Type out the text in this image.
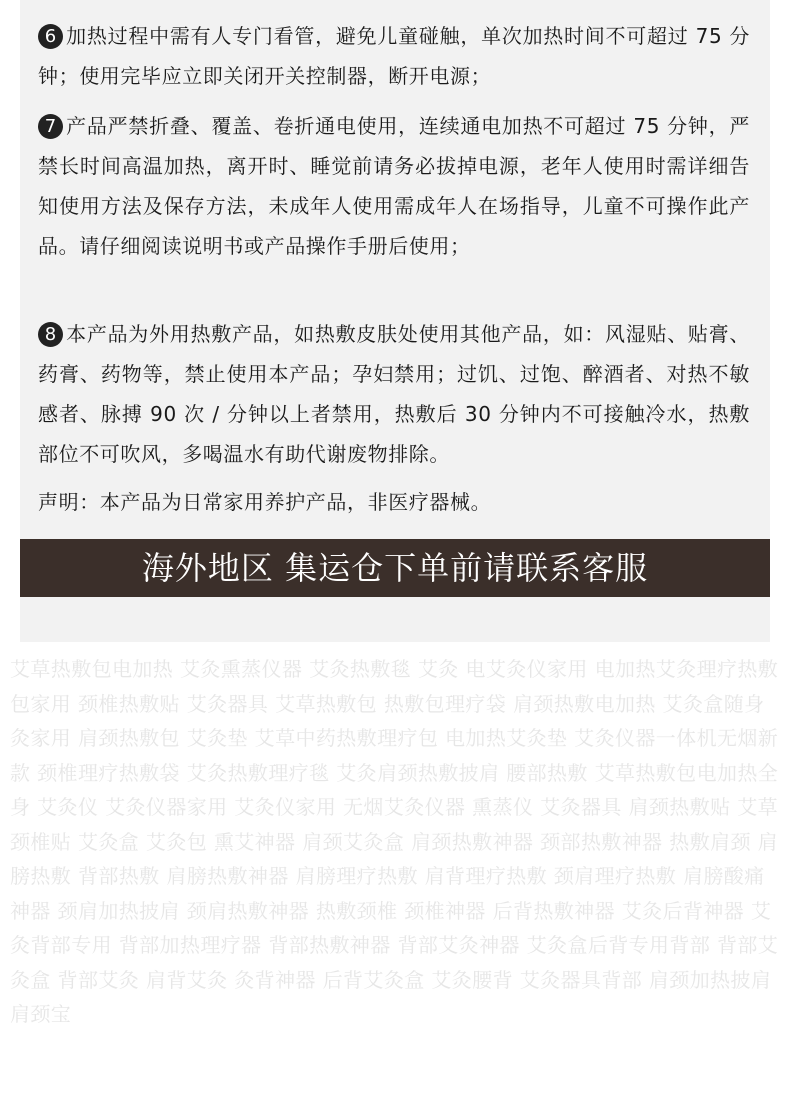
6 加热过程中需有人专门看管，避免儿童碰触，单次加热时间不可超过 75 分钟；使用完毕应立即关闭开关控制器，断开电源；

7 产品严禁折叠、覆盖、卷折通电使用，连续通电加热不可超过 75 分钟，严禁长时间高温加热，离开时、睡觉前请务必拔掉电源，老年人使用时需详细告知使用方法及保存方法，未成年人使用需成年人在场指导，儿童不可操作此产品。请仔细阅读说明书或产品操作手册后使用；

8 本产品为外用热敷产品，如热敷皮肤处使用其他产品，如：风湿贴、贴膏、药膏、药物等，禁止使用本产品；孕妇禁用；过饥、过饱、醉酒者、对热不敏感者、脉搏 90 次 / 分钟以上者禁用，热敷后 30 分钟内不可接触冷水，热敷部位不可吹风，多喝温水有助代谢废物排除。

声明：本产品为日常家用养护产品，非医疗器械。

海外地区 集运仓下单前请联系客服

艾草热敷包电加热 艾灸熏蒸仪器 艾灸热敷毯 艾灸 电艾灸仪家用 电加热艾灸理疗热敷包家用 颈椎热敷贴 艾灸器具 艾草热敷包 热敷包理疗袋 肩颈热敷电加热 艾灸盒随身灸家用 肩颈热敷包 艾灸垫 艾草中药热敷理疗包 电加热艾灸垫 艾灸仪器一体机无烟新款 颈椎理疗热敷袋 艾灸热敷理疗毯 艾灸肩颈热敷披肩 腰部热敷 艾草热敷包电加热全身 艾灸仪 艾灸仪器家用 艾灸仪家用 无烟艾灸仪器 熏蒸仪 艾灸器具 肩颈热敷贴 艾草颈椎贴 艾灸盒 艾灸包 熏艾神器 肩颈艾灸盒 肩颈热敷神器 颈部热敷神器 热敷肩颈 肩膀热敷 背部热敷 肩膀热敷神器 肩膀理疗热敷 肩背理疗热敷 颈肩理疗热敷 肩膀酸痛神器 颈肩加热披肩 颈肩热敷神器 热敷颈椎 颈椎神器 后背热敷神器 艾灸后背神器 艾灸背部专用 背部加热理疗器 背部热敷神器 背部艾灸神器 艾灸盒后背专用背部 背部艾灸盒 背部艾灸 肩背艾灸 灸背神器 后背艾灸盒 艾灸腰背 艾灸器具背部 肩颈加热披肩 肩颈宝
